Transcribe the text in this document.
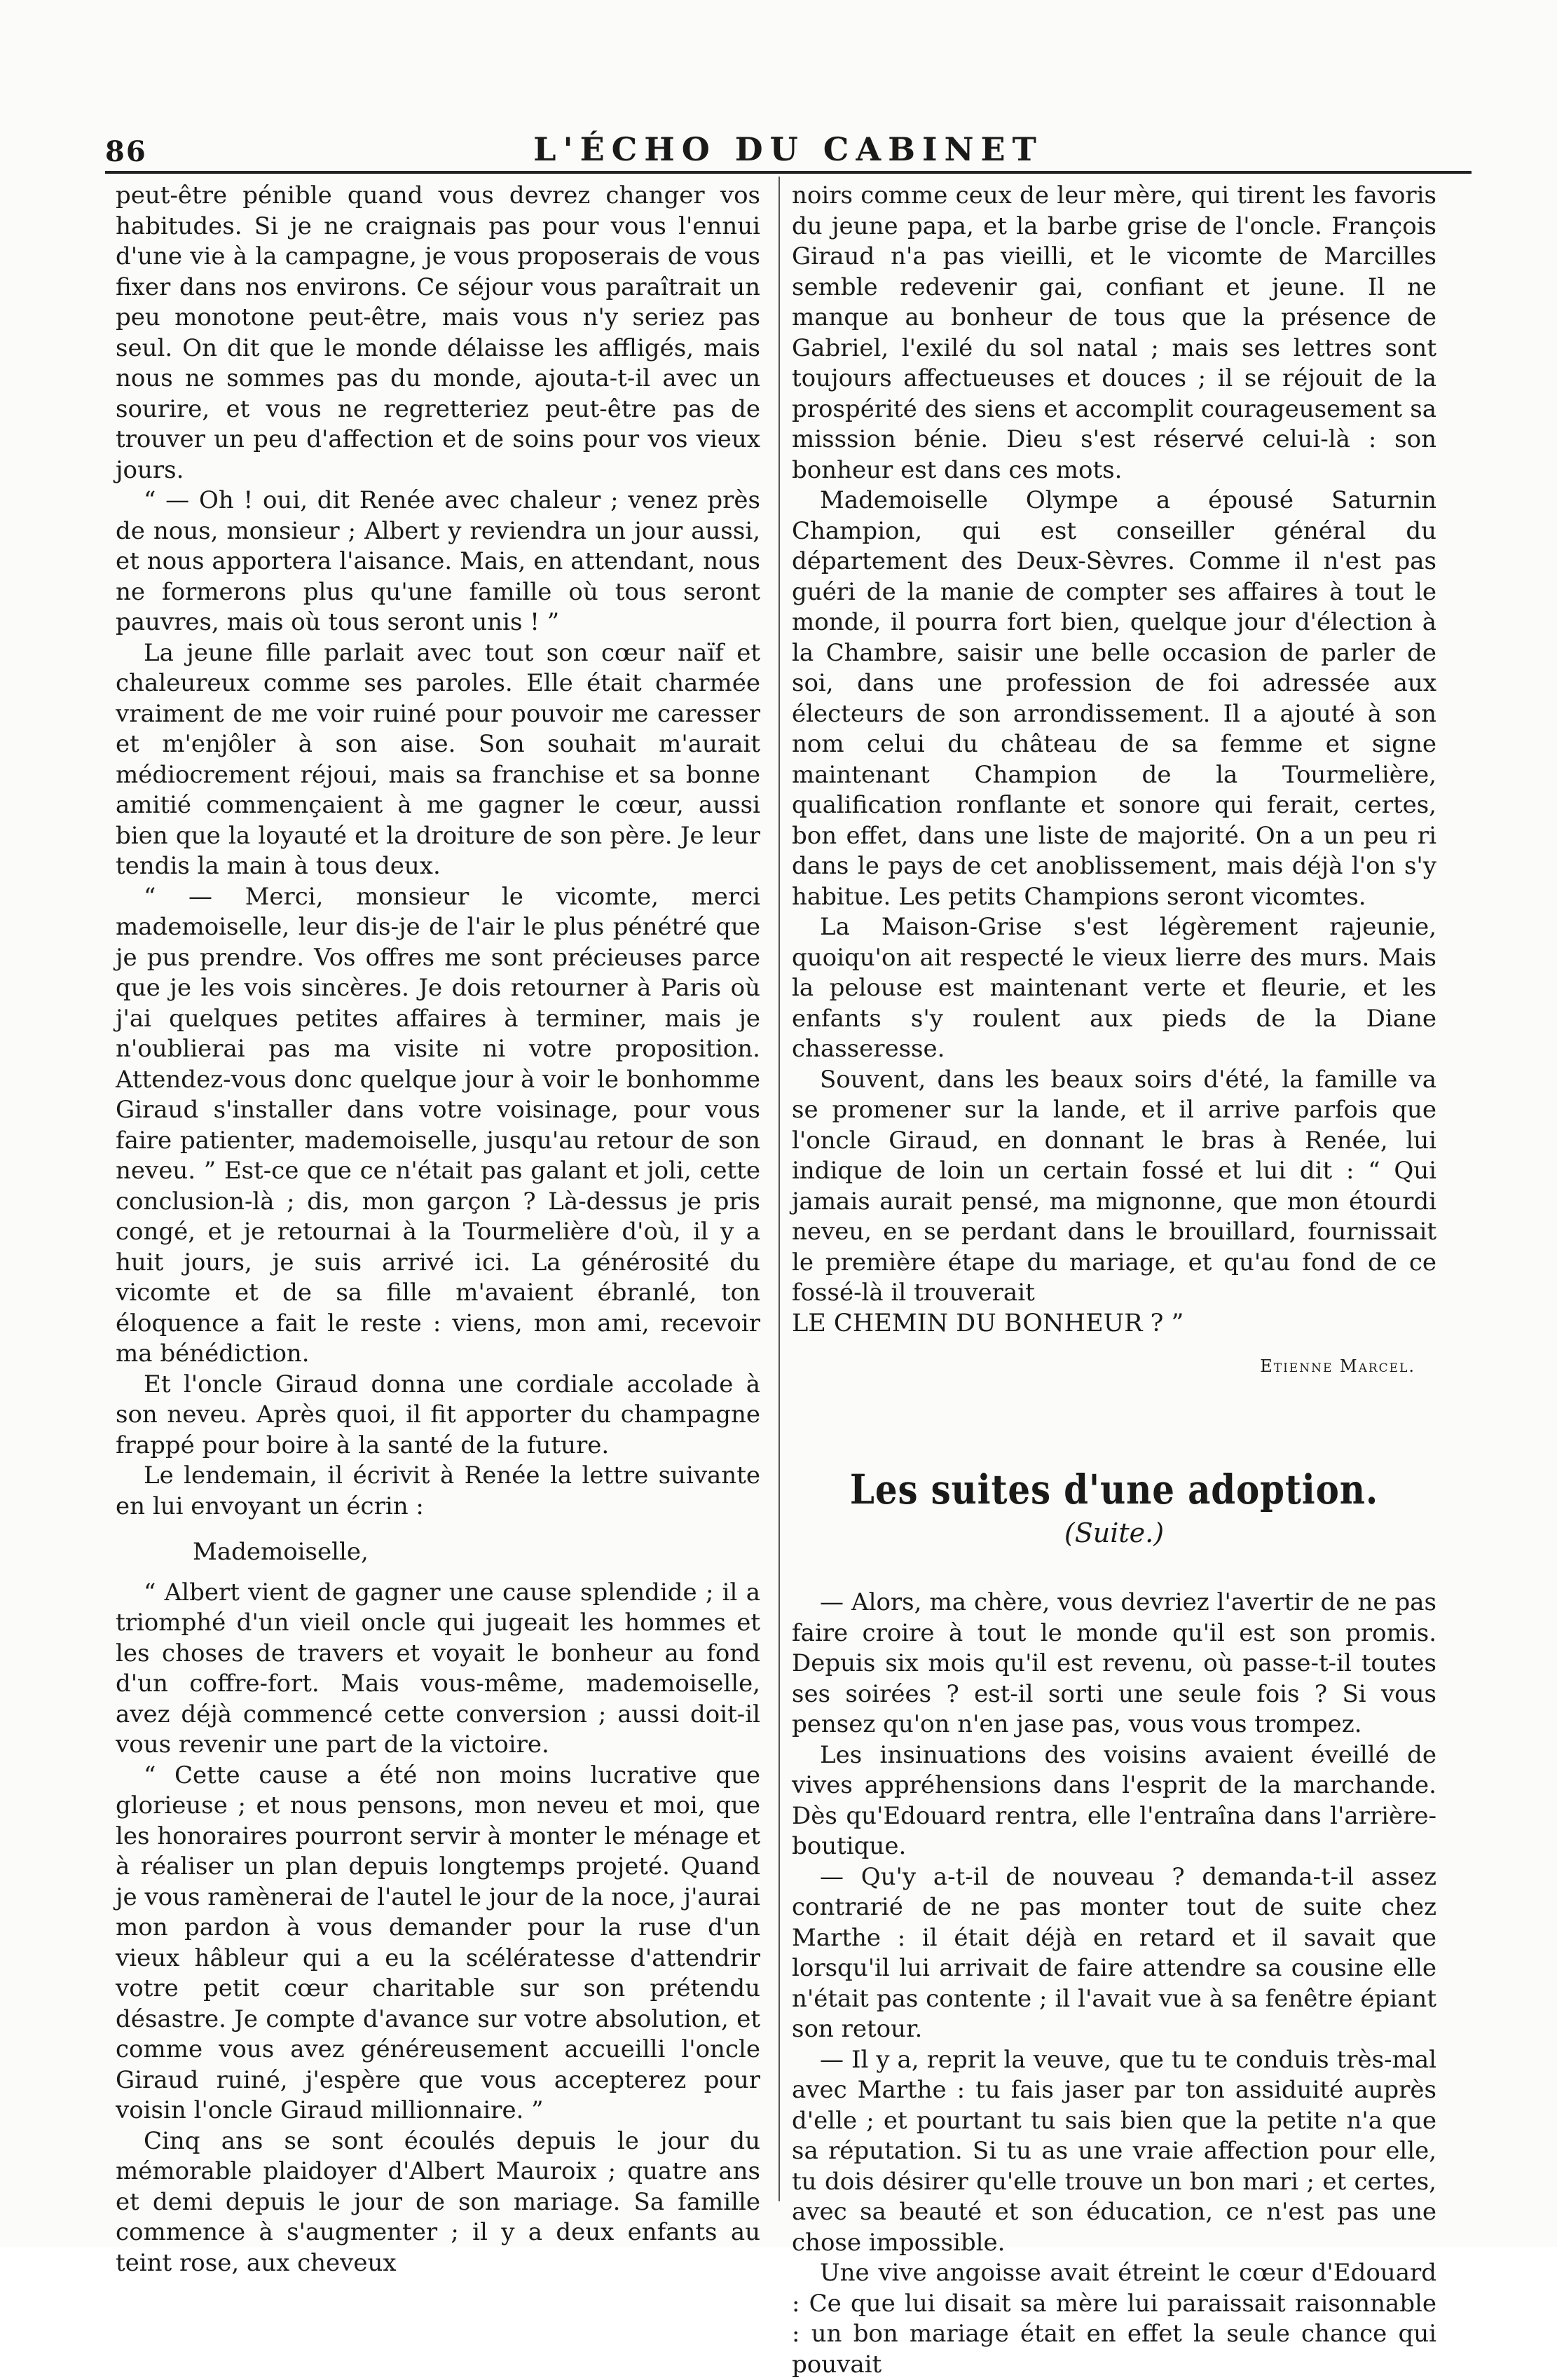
86	L'ÉCHO DU CABINET

peut-être pénible quand vous devrez changer vos habitudes. Si je ne craignais pas pour vous l'ennui d'une vie à la campagne, je vous proposerais de vous fixer dans nos environs. Ce séjour vous paraîtrait un peu monotone peut-être, mais vous n'y seriez pas seul. On dit que le monde délaisse les affligés, mais nous ne sommes pas du monde, ajouta-t-il avec un sourire, et vous ne regretteriez peut-être pas de trouver un peu d'affection et de soins pour vos vieux jours.

“ — Oh ! oui, dit Renée avec chaleur ; venez près de nous, monsieur ; Albert y reviendra un jour aussi, et nous apportera l'aisance. Mais, en attendant, nous ne formerons plus qu'une famille où tous seront pauvres, mais où tous seront unis ! ”

La jeune fille parlait avec tout son cœur naïf et chaleureux comme ses paroles. Elle était charmée vraiment de me voir ruiné pour pouvoir me caresser et m'enjôler à son aise. Son souhait m'aurait médiocrement réjoui, mais sa franchise et sa bonne amitié commençaient à me gagner le cœur, aussi bien que la loyauté et la droiture de son père. Je leur tendis la main à tous deux.

“ — Merci, monsieur le vicomte, merci mademoiselle, leur dis-je de l'air le plus pénétré que je pus prendre. Vos offres me sont précieuses parce que je les vois sincères. Je dois retourner à Paris où j'ai quelques petites affaires à terminer, mais je n'oublierai pas ma visite ni votre proposition. Attendez-vous donc quelque jour à voir le bonhomme Giraud s'installer dans votre voisinage, pour vous faire patienter, mademoiselle, jusqu'au retour de son neveu. ” Est-ce que ce n'était pas galant et joli, cette conclusion-là ; dis, mon garçon ? Là-dessus je pris congé, et je retournai à la Tourmelière d'où, il y a huit jours, je suis arrivé ici. La générosité du vicomte et de sa fille m'avaient ébranlé, ton éloquence a fait le reste : viens, mon ami, recevoir ma bénédiction.

Et l'oncle Giraud donna une cordiale accolade à son neveu. Après quoi, il fit apporter du champagne frappé pour boire à la santé de la future.

Le lendemain, il écrivit à Renée la lettre suivante en lui envoyant un écrin :

Mademoiselle,

“ Albert vient de gagner une cause splendide ; il a triomphé d'un vieil oncle qui jugeait les hommes et les choses de travers et voyait le bonheur au fond d'un coffre-fort. Mais vous-même, mademoiselle, avez déjà commencé cette conversion ; aussi doit-il vous revenir une part de la victoire.

“ Cette cause a été non moins lucrative que glorieuse ; et nous pensons, mon neveu et moi, que les honoraires pourront servir à monter le ménage et à réaliser un plan depuis longtemps projeté. Quand je vous ramènerai de l'autel le jour de la noce, j'aurai mon pardon à vous demander pour la ruse d'un vieux hâbleur qui a eu la scélératesse d'attendrir votre petit cœur charitable sur son prétendu désastre. Je compte d'avance sur votre absolution, et comme vous avez généreusement accueilli l'oncle Giraud ruiné, j'espère que vous accepterez pour voisin l'oncle Giraud millionnaire. ”

Cinq ans se sont écoulés depuis le jour du mémorable plaidoyer d'Albert Mauroix ; quatre ans et demi depuis le jour de son mariage. Sa famille commence à s'augmenter ; il y a deux enfants au teint rose, aux cheveux

noirs comme ceux de leur mère, qui tirent les favoris du jeune papa, et la barbe grise de l'oncle. François Giraud n'a pas vieilli, et le vicomte de Marcilles semble redevenir gai, confiant et jeune. Il ne manque au bonheur de tous que la présence de Gabriel, l'exilé du sol natal ; mais ses lettres sont toujours affectueuses et douces ; il se réjouit de la prospérité des siens et accomplit courageusement sa misssion bénie. Dieu s'est réservé celui-là : son bonheur est dans ces mots.

Mademoiselle Olympe a épousé Saturnin Champion, qui est conseiller général du département des Deux-Sèvres. Comme il n'est pas guéri de la manie de compter ses affaires à tout le monde, il pourra fort bien, quelque jour d'élection à la Chambre, saisir une belle occasion de parler de soi, dans une profession de foi adressée aux électeurs de son arrondissement. Il a ajouté à son nom celui du château de sa femme et signe maintenant Champion de la Tourmelière, qualification ronflante et sonore qui ferait, certes, bon effet, dans une liste de majorité. On a un peu ri dans le pays de cet anoblissement, mais déjà l'on s'y habitue. Les petits Champions seront vicomtes.

La Maison-Grise s'est légèrement rajeunie, quoiqu'on ait respecté le vieux lierre des murs. Mais la pelouse est maintenant verte et fleurie, et les enfants s'y roulent aux pieds de la Diane chasseresse.

Souvent, dans les beaux soirs d'été, la famille va se promener sur la lande, et il arrive parfois que l'oncle Giraud, en donnant le bras à Renée, lui indique de loin un certain fossé et lui dit : “ Qui jamais aurait pensé, ma mignonne, que mon étourdi neveu, en se perdant dans le brouillard, fournissait le première étape du mariage, et qu'au fond de ce fossé-là il trouverait

LE CHEMIN DU BONHEUR ? ”

Etienne Marcel.
Les suites d'une adoption.
(Suite.)

— Alors, ma chère, vous devriez l'avertir de ne pas faire croire à tout le monde qu'il est son promis. Depuis six mois qu'il est revenu, où passe-t-il toutes ses soirées ? est-il sorti une seule fois ? Si vous pensez qu'on n'en jase pas, vous vous trompez.

Les insinuations des voisins avaient éveillé de vives appréhensions dans l'esprit de la marchande. Dès qu'Edouard rentra, elle l'entraîna dans l'arrière-boutique.

— Qu'y a-t-il de nouveau ? demanda-t-il assez contrarié de ne pas monter tout de suite chez Marthe : il était déjà en retard et il savait que lorsqu'il lui arrivait de faire attendre sa cousine elle n'était pas contente ; il l'avait vue à sa fenêtre épiant son retour.

— Il y a, reprit la veuve, que tu te conduis très-mal avec Marthe : tu fais jaser par ton assiduité auprès d'elle ; et pourtant tu sais bien que la petite n'a que sa réputation. Si tu as une vraie affection pour elle, tu dois désirer qu'elle trouve un bon mari ; et certes, avec sa beauté et son éducation, ce n'est pas une chose impossible.

Une vive angoisse avait étreint le cœur d'Edouard : Ce que lui disait sa mère lui paraissait raisonnable : un bon mariage était en effet la seule chance qui pouvait
